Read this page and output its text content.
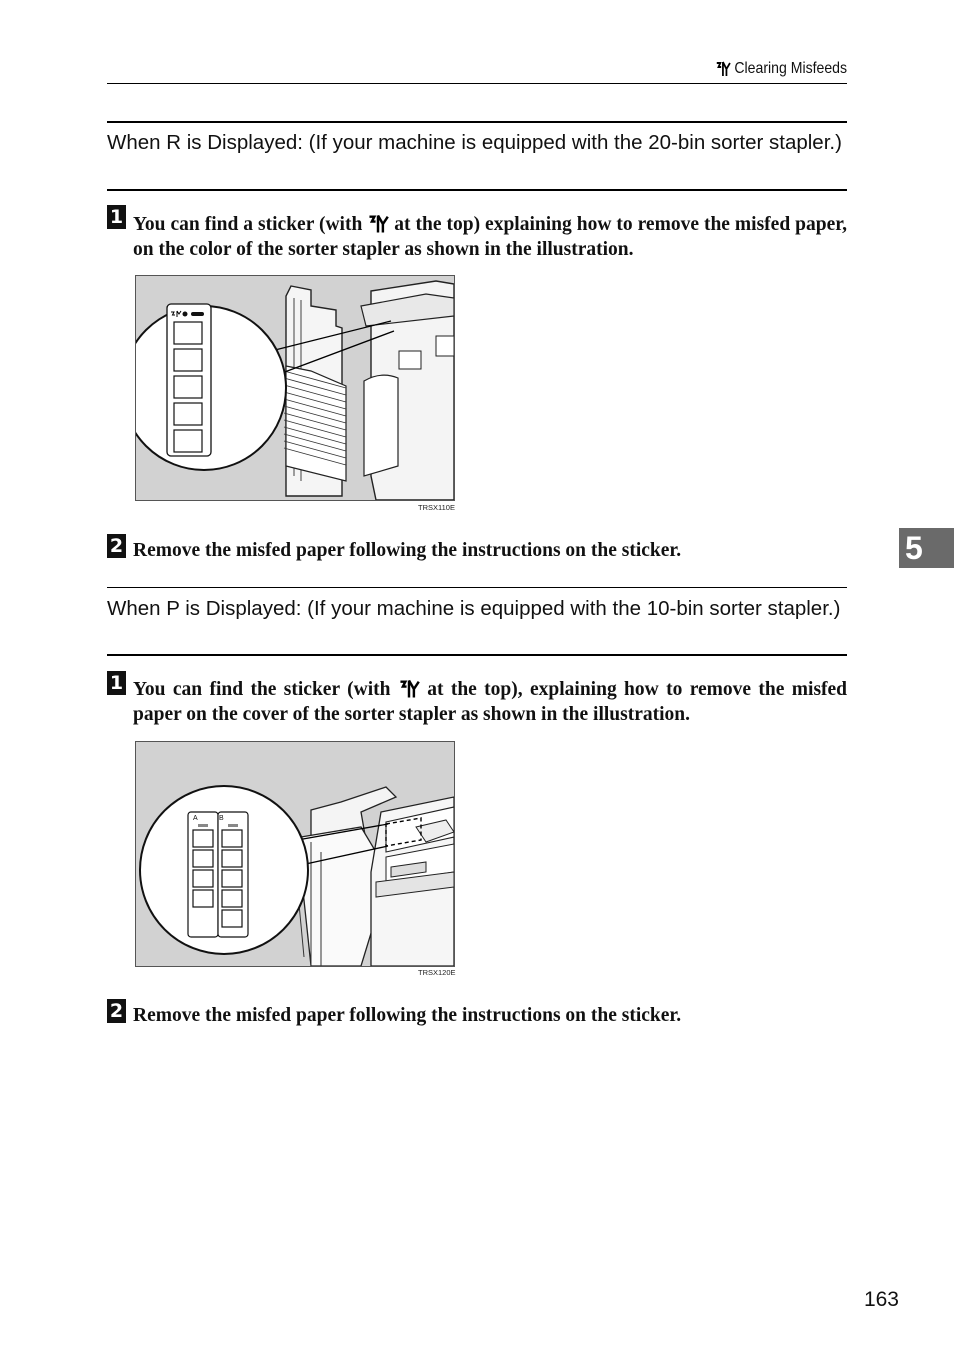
Clearing Misfeeds
When R is Displayed: (If your machine is equipped with the 20-bin sorter stapler.)
1 You can find a sticker (with at the top) explaining how to remove the misfed paper, on the color of the sorter stapler as shown in the illustration.
TRSX110E
2 Remove the misfed paper following the instructions on the sticker.	5
When P is Displayed: (If your machine is equipped with the 10-bin sorter stapler.)
1 You can find the sticker (with at the top), explaining how to remove the misfed paper on the cover of the sorter stapler as shown in the illustration.
A	B
TRSX120E
2 Remove the misfed paper following the instructions on the sticker.
163
